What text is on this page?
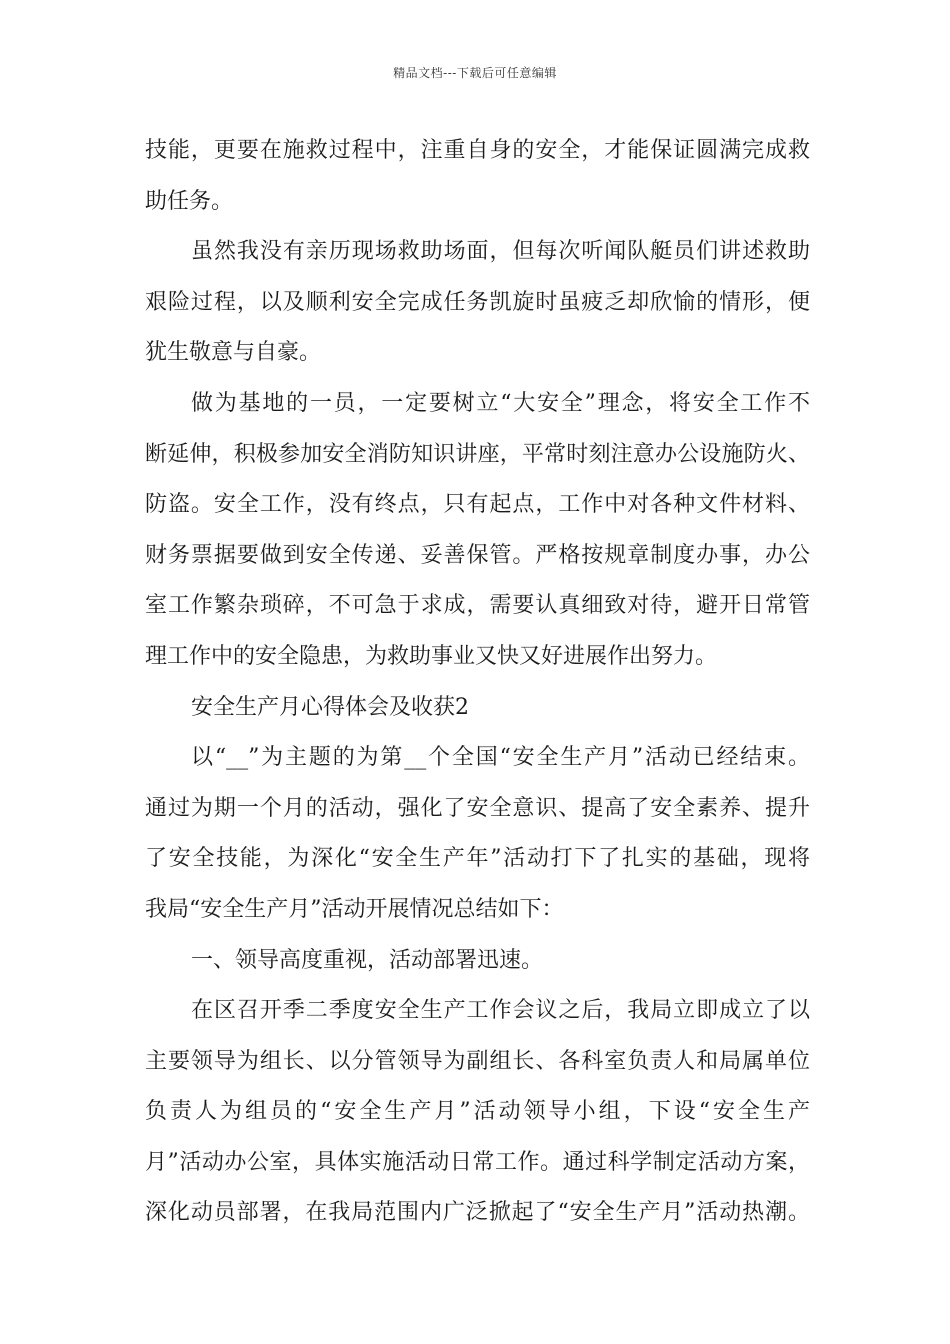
精品文档---下载后可任意编辑
技能，更要在施救过程中，注重自身的安全，才能保证圆满完成救
助任务。
虽然我没有亲历现场救助场面，但每次听闻队艇员们讲述救助
艰险过程，以及顺利安全完成任务凯旋时虽疲乏却欣愉的情形，便
犹生敬意与自豪。
做为基地的一员，一定要树立“大安全”理念，将安全工作不
断延伸，积极参加安全消防知识讲座，平常时刻注意办公设施防火、
防盗。安全工作，没有终点，只有起点，工作中对各种文件材料、
财务票据要做到安全传递、妥善保管。严格按规章制度办事，办公
室工作繁杂琐碎，不可急于求成，需要认真细致对待，避开日常管
理工作中的安全隐患，为救助事业又快又好进展作出努力。
安全生产月心得体会及收获2
以“__”为主题的为第__个全国“安全生产月”活动已经结束。
通过为期一个月的活动，强化了安全意识、提高了安全素养、提升
了安全技能，为深化“安全生产年”活动打下了扎实的基础，现将
我局“安全生产月”活动开展情况总结如下：
一、领导高度重视，活动部署迅速。
在区召开季二季度安全生产工作会议之后，我局立即成立了以
主要领导为组长、以分管领导为副组长、各科室负责人和局属单位
负责人为组员的“安全生产月”活动领导小组，下设“安全生产
月”活动办公室，具体实施活动日常工作。通过科学制定活动方案，
深化动员部署，在我局范围内广泛掀起了“安全生产月”活动热潮。
